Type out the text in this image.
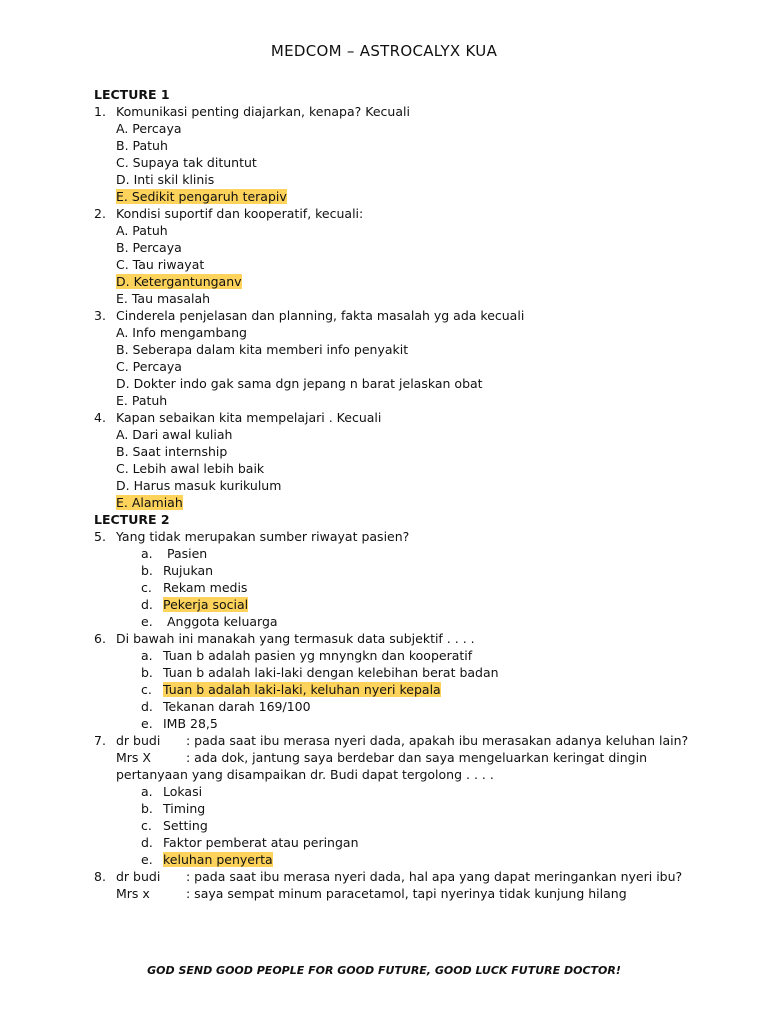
MEDCOM – ASTROCALYX KUA
LECTURE 1
1. Komunikasi penting diajarkan, kenapa? Kecuali
A. Percaya
B. Patuh
C. Supaya tak dituntut
D. Inti skil klinis
E. Sedikit pengaruh terapiv
2. Kondisi suportif dan kooperatif, kecuali:
A. Patuh
B. Percaya
C. Tau riwayat
D. Ketergantunganv
E. Tau masalah
3. Cinderela penjelasan dan planning, fakta masalah yg ada kecuali
A. Info mengambang
B. Seberapa dalam kita memberi info penyakit
C. Percaya
D. Dokter indo gak sama dgn jepang n barat jelaskan obat
E. Patuh
4. Kapan sebaikan kita mempelajari . Kecuali
A. Dari awal kuliah
B. Saat internship
C. Lebih awal lebih baik
D. Harus masuk kurikulum
E. Alamiah
LECTURE 2
5. Yang tidak merupakan sumber riwayat pasien?
a. Pasien
b. Rujukan
c. Rekam medis
d. Pekerja social
e. Anggota keluarga
6. Di bawah ini manakah yang termasuk data subjektif . . . .
a. Tuan b adalah pasien yg mnyngkn dan kooperatif
b. Tuan b adalah laki-laki dengan kelebihan berat badan
c. Tuan b adalah laki-laki, keluhan nyeri kepala
d. Tekanan darah 169/100
e. IMB 28,5
7. dr budi	: pada saat ibu merasa nyeri dada, apakah ibu merasakan adanya keluhan lain?
Mrs X	: ada dok, jantung saya berdebar dan saya mengeluarkan keringat dingin
pertanyaan yang disampaikan dr. Budi dapat tergolong . . . .
a. Lokasi
b. Timing
c. Setting
d. Faktor pemberat atau peringan
e. keluhan penyerta
8. dr budi	: pada saat ibu merasa nyeri dada, hal apa yang dapat meringankan nyeri ibu?
Mrs x	: saya sempat minum paracetamol, tapi nyerinya tidak kunjung hilang
GOD SEND GOOD PEOPLE FOR GOOD FUTURE, GOOD LUCK FUTURE DOCTOR!
